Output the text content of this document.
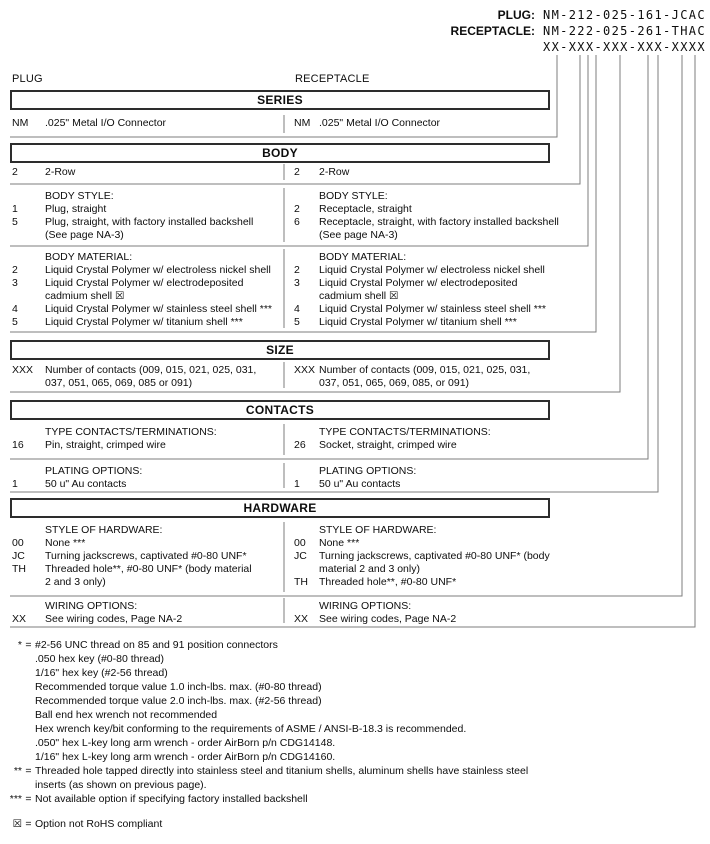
PLUG: NM-212-025-161-JCAC
RECEPTACLE: NM-222-025-261-THAC
XX-XXX-XXX-XXX-XXXX
PLUG	RECEPTACLE
SERIES
BODY
SIZE
CONTACTS
HARDWARE
NM	.025" Metal I/O Connector	NM .025" Metal I/O Connector
2	2-Row	2	2-Row
BODY STYLE:
1	Plug, straight
5	Plug, straight, with factory installed backshell
(See page NA-3)
BODY STYLE:
2	Receptacle, straight
6	Receptacle, straight, with factory installed backshell
(See page NA-3)
BODY MATERIAL:
2	Liquid Crystal Polymer w/ electroless nickel shell
3	Liquid Crystal Polymer w/ electrodeposited
cadmium shell ☒
4	Liquid Crystal Polymer w/ stainless steel shell ***
5	Liquid Crystal Polymer w/ titanium shell ***
BODY MATERIAL:
2	Liquid Crystal Polymer w/ electroless nickel shell
3	Liquid Crystal Polymer w/ electrodeposited
cadmium shell ☒
4	Liquid Crystal Polymer w/ stainless steel shell ***
5	Liquid Crystal Polymer w/ titanium shell ***
XXX	Number of contacts (009, 015, 021, 025, 031,
037, 051, 065, 069, 085 or 091)
XXX Number of contacts (009, 015, 021, 025, 031,
037, 051, 065, 069, 085, or 091)
TYPE CONTACTS/TERMINATIONS:
16	Pin, straight, crimped wire
TYPE CONTACTS/TERMINATIONS:
26	Socket, straight, crimped wire
PLATING OPTIONS:
1	50 u" Au contacts
PLATING OPTIONS:
1	50 u" Au contacts
STYLE OF HARDWARE:
00	None ***
JC	Turning jackscrews, captivated #0-80 UNF*
TH	Threaded hole**, #0-80 UNF* (body material
2 and 3 only)
STYLE OF HARDWARE:
00	None ***
JC	Turning jackscrews, captivated #0-80 UNF* (body
material 2 and 3 only)
TH	Threaded hole**, #0-80 UNF*
WIRING OPTIONS:
XX	See wiring codes, Page NA-2
WIRING OPTIONS:
XX	See wiring codes, Page NA-2
* = #2-56 UNC thread on 85 and 91 position connectors
.050 hex key (#0-80 thread)
1/16" hex key (#2-56 thread)
Recommended torque value 1.0 inch-lbs. max. (#0-80 thread)
Recommended torque value 2.0 inch-lbs. max. (#2-56 thread)
Ball end hex wrench not recommended
Hex wrench key/bit conforming to the requirements of ASME / ANSI-B-18.3 is recommended.
.050" hex L-key long arm wrench - order AirBorn p/n CDG14148.
1/16" hex L-key long arm wrench - order AirBorn p/n CDG14160.
** = Threaded hole tapped directly into stainless steel and titanium shells, aluminum shells have stainless steel
inserts (as shown on previous page).
*** = Not available option if specifying factory installed backshell
☒ = Option not RoHS compliant
